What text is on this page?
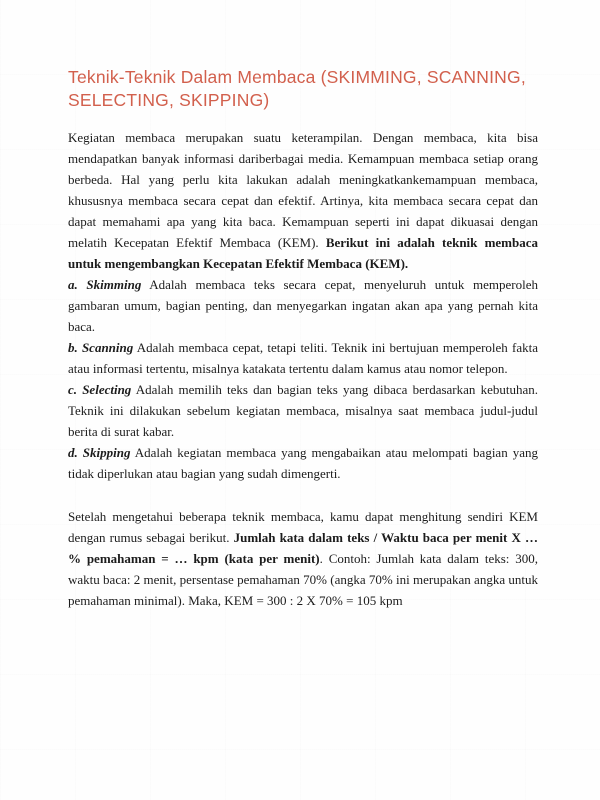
Teknik-Teknik Dalam Membaca (SKIMMING, SCANNING, SELECTING, SKIPPING)

Kegiatan membaca merupakan suatu keterampilan. Dengan membaca, kita bisa mendapatkan banyak informasi dariberbagai media. Kemampuan membaca setiap orang berbeda. Hal yang perlu kita lakukan adalah meningkatkankemampuan membaca, khususnya membaca secara cepat dan efektif. Artinya, kita membaca secara cepat dan dapat memahami apa yang kita baca. Kemampuan seperti ini dapat dikuasai dengan melatih Kecepatan Efektif Membaca (KEM). Berikut ini adalah teknik membaca untuk mengembangkan Kecepatan Efektif Membaca (KEM).

a. Skimming Adalah membaca teks secara cepat, menyeluruh untuk memperoleh gambaran umum, bagian penting, dan menyegarkan ingatan akan apa yang pernah kita baca.

b. Scanning Adalah membaca cepat, tetapi teliti. Teknik ini bertujuan memperoleh fakta atau informasi tertentu, misalnya katakata tertentu dalam kamus atau nomor telepon.

c. Selecting Adalah memilih teks dan bagian teks yang dibaca berdasarkan kebutuhan. Teknik ini dilakukan sebelum kegiatan membaca, misalnya saat membaca judul-judul berita di surat kabar.

d. Skipping Adalah kegiatan membaca yang mengabaikan atau melompati bagian yang tidak diperlukan atau bagian yang sudah dimengerti.

Setelah mengetahui beberapa teknik membaca, kamu dapat menghitung sendiri KEM dengan rumus sebagai berikut. Jumlah kata dalam teks / Waktu baca per menit X … % pemahaman = … kpm (kata per menit). Contoh: Jumlah kata dalam teks: 300, waktu baca: 2 menit, persentase pemahaman 70% (angka 70% ini merupakan angka untuk pemahaman minimal). Maka, KEM = 300 : 2 X 70% = 105 kpm
